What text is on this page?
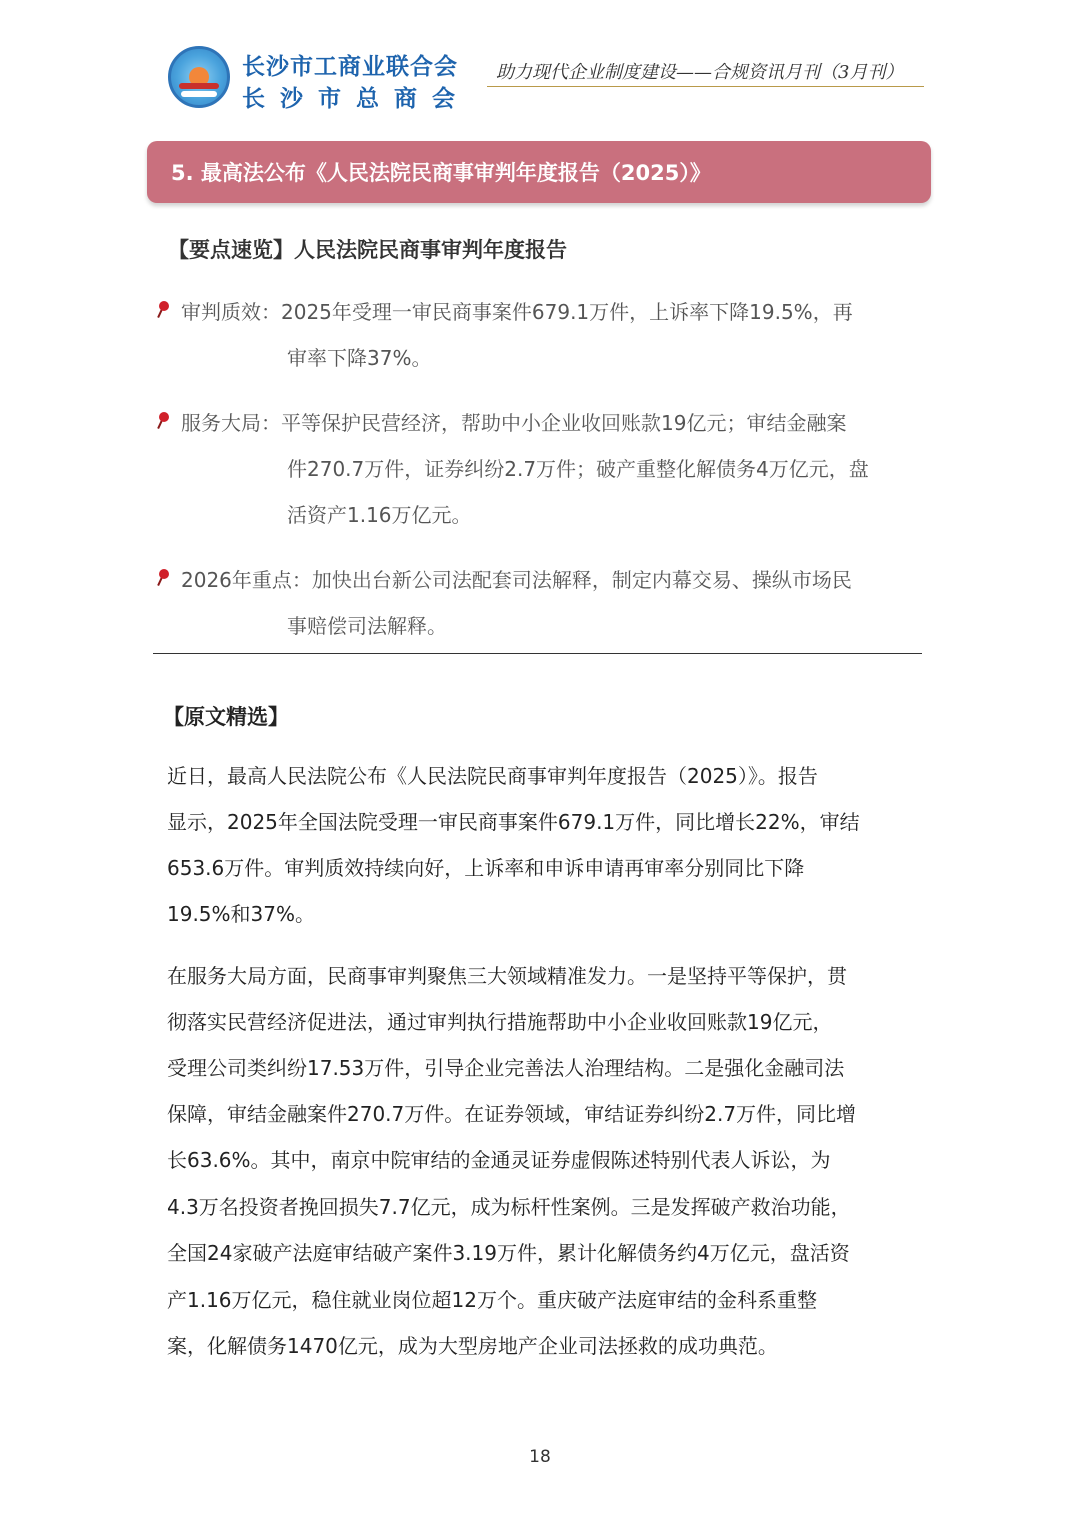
长沙市工商业联合会
长沙市总商会
助力现代企业制度建设——合规资讯月刊（3月刊）
5. 最高法公布《人民法院民商事审判年度报告（2025）》
【要点速览】人民法院民商事审判年度报告
审判质效：2025年受理一审民商事案件679.1万件，上诉率下降19.5%，再
审率下降37%。
服务大局：平等保护民营经济，帮助中小企业收回账款19亿元；审结金融案
件270.7万件，证券纠纷2.7万件；破产重整化解债务4万亿元，盘
活资产1.16万亿元。
2026年重点：加快出台新公司法配套司法解释，制定内幕交易、操纵市场民
事赔偿司法解释。
【原文精选】
近日，最高人民法院公布《人民法院民商事审判年度报告（2025）》。报告
显示，2025年全国法院受理一审民商事案件679.1万件，同比增长22%，审结
653.6万件。审判质效持续向好，上诉率和申诉申请再审率分别同比下降
19.5%和37%。
在服务大局方面，民商事审判聚焦三大领域精准发力。一是坚持平等保护，贯
彻落实民营经济促进法，通过审判执行措施帮助中小企业收回账款19亿元，
受理公司类纠纷17.53万件，引导企业完善法人治理结构。二是强化金融司法
保障，审结金融案件270.7万件。在证券领域，审结证券纠纷2.7万件，同比增
长63.6%。其中，南京中院审结的金通灵证券虚假陈述特别代表人诉讼，为
4.3万名投资者挽回损失7.7亿元，成为标杆性案例。三是发挥破产救治功能，
全国24家破产法庭审结破产案件3.19万件，累计化解债务约4万亿元，盘活资
产1.16万亿元，稳住就业岗位超12万个。重庆破产法庭审结的金科系重整
案，化解债务1470亿元，成为大型房地产企业司法拯救的成功典范。
18
